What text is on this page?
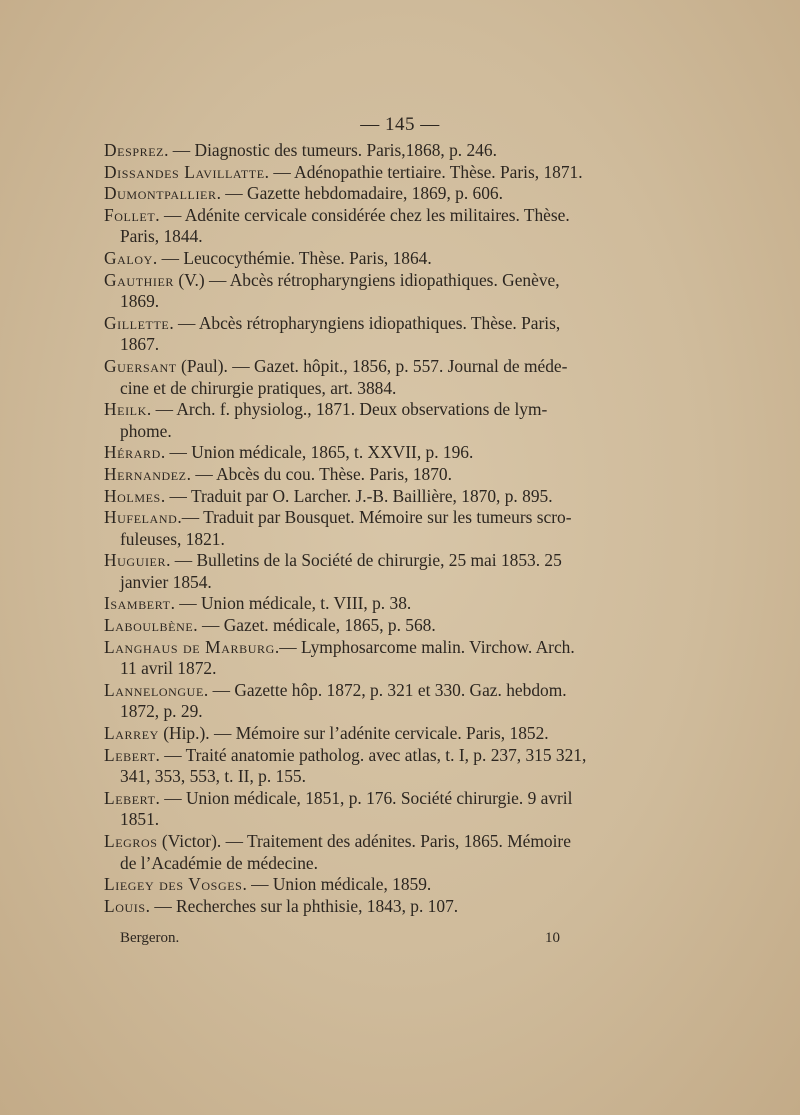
— 145 —

Desprez. — Diagnostic des tumeurs. Paris,1868, p. 246.

Dissandes Lavillatte. — Adénopathie tertiaire. Thèse. Paris, 1871.

Dumontpallier. — Gazette hebdomadaire, 1869, p. 606.

Follet. — Adénite cervicale considérée chez les militaires. Thèse. Paris, 1844.

Galoy. — Leucocythémie. Thèse. Paris, 1864.

Gauthier (V.) — Abcès rétropharyngiens idiopathiques. Genève, 1869.

Gillette. — Abcès rétropharyngiens idiopathiques. Thèse. Paris, 1867.

Guersant (Paul). — Gazet. hôpit., 1856, p. 557. Journal de méde-cine et de chirurgie pratiques, art. 3884.

Heilk. — Arch. f. physiolog., 1871. Deux observations de lym-phome.

Hérard. — Union médicale, 1865, t. XXVII, p. 196.

Hernandez. — Abcès du cou. Thèse. Paris, 1870.

Holmes. — Traduit par O. Larcher. J.-B. Baillière, 1870, p. 895.

Hufeland.— Traduit par Bousquet. Mémoire sur les tumeurs scro-fuleuses, 1821.

Huguier. — Bulletins de la Société de chirurgie, 25 mai 1853. 25 janvier 1854.

Isambert. — Union médicale, t. VIII, p. 38.

Laboulbène. — Gazet. médicale, 1865, p. 568.

Langhaus de Marburg.— Lymphosarcome malin. Virchow. Arch. 11 avril 1872.

Lannelongue. — Gazette hôp. 1872, p. 321 et 330. Gaz. hebdom. 1872, p. 29.

Larrey (Hip.). — Mémoire sur l’adénite cervicale. Paris, 1852.

Lebert. — Traité anatomie patholog. avec atlas, t. I, p. 237, 315 321, 341, 353, 553, t. II, p. 155.

Lebert. — Union médicale, 1851, p. 176. Société chirurgie. 9 avril 1851.

Legros (Victor). — Traitement des adénites. Paris, 1865. Mémoire de l’Académie de médecine.

Liegey des Vosges. — Union médicale, 1859.

Louis. — Recherches sur la phthisie, 1843, p. 107.

Bergeron.	10
